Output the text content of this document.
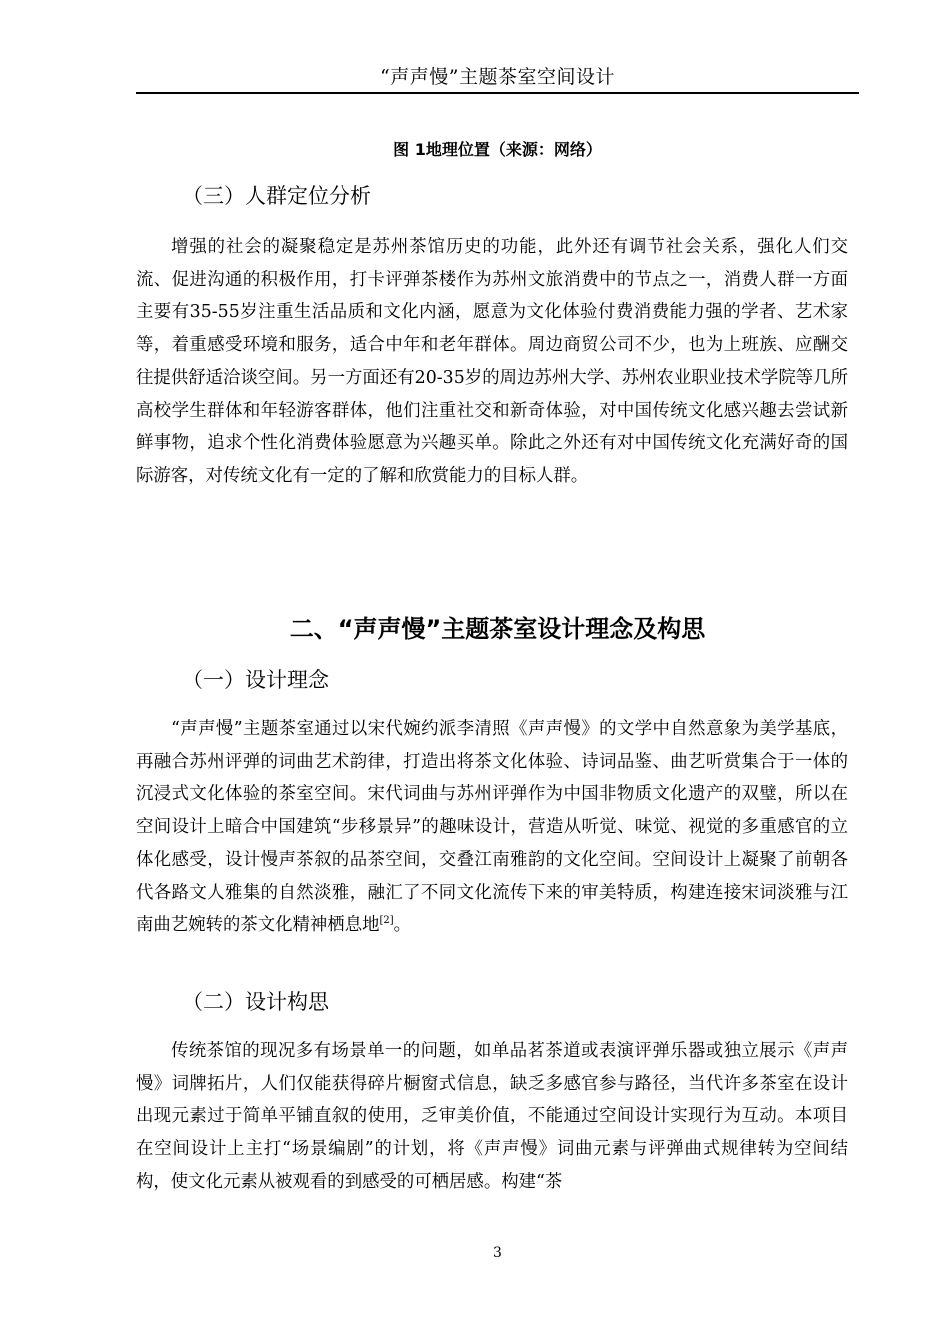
“声声慢”主题茶室空间设计
图 1地理位置（来源：网络）
（三）人群定位分析

增强的社会的凝聚稳定是苏州茶馆历史的功能，此外还有调节社会关系，强化人们交流、促进沟通的积极作用，打卡评弹茶楼作为苏州文旅消费中的节点之一，消费人群一方面主要有35-55岁注重生活品质和文化内涵，愿意为文化体验付费消费能力强的学者、艺术家等，着重感受环境和服务，适合中年和老年群体。周边商贸公司不少，也为上班族、应酬交往提供舒适洽谈空间。另一方面还有20-35岁的周边苏州大学、苏州农业职业技术学院等几所高校学生群体和年轻游客群体，他们注重社交和新奇体验，对中国传统文化感兴趣去尝试新鲜事物，追求个性化消费体验愿意为兴趣买单。除此之外还有对中国传统文化充满好奇的国际游客，对传统文化有一定的了解和欣赏能力的目标人群。

二、“声声慢”主题茶室设计理念及构思
（一）设计理念

“声声慢”主题茶室通过以宋代婉约派李清照《声声慢》的文学中自然意象为美学基底，再融合苏州评弹的词曲艺术韵律，打造出将茶文化体验、诗词品鉴、曲艺听赏集合于一体的沉浸式文化体验的茶室空间。宋代词曲与苏州评弹作为中国非物质文化遗产的双璧，所以在空间设计上暗合中国建筑“步移景异”的趣味设计，营造从听觉、味觉、视觉的多重感官的立体化感受，设计慢声茶叙的品茶空间，交叠江南雅韵的文化空间。空间设计上凝聚了前朝各代各路文人雅集的自然淡雅，融汇了不同文化流传下来的审美特质，构建连接宋词淡雅与江南曲艺婉转的茶文化精神栖息地[2]。

（二）设计构思

传统茶馆的现况多有场景单一的问题，如单品茗茶道或表演评弹乐器或独立展示《声声慢》词牌拓片，人们仅能获得碎片橱窗式信息，缺乏多感官参与路径，当代许多茶室在设计出现元素过于简单平铺直叙的使用，乏审美价值，不能通过空间设计实现行为互动。本项目在空间设计上主打“场景编剧”的计划，将《声声慢》词曲元素与评弹曲式规律转为空间结构，使文化元素从被观看的到感受的可栖居感。构建“茶

3
